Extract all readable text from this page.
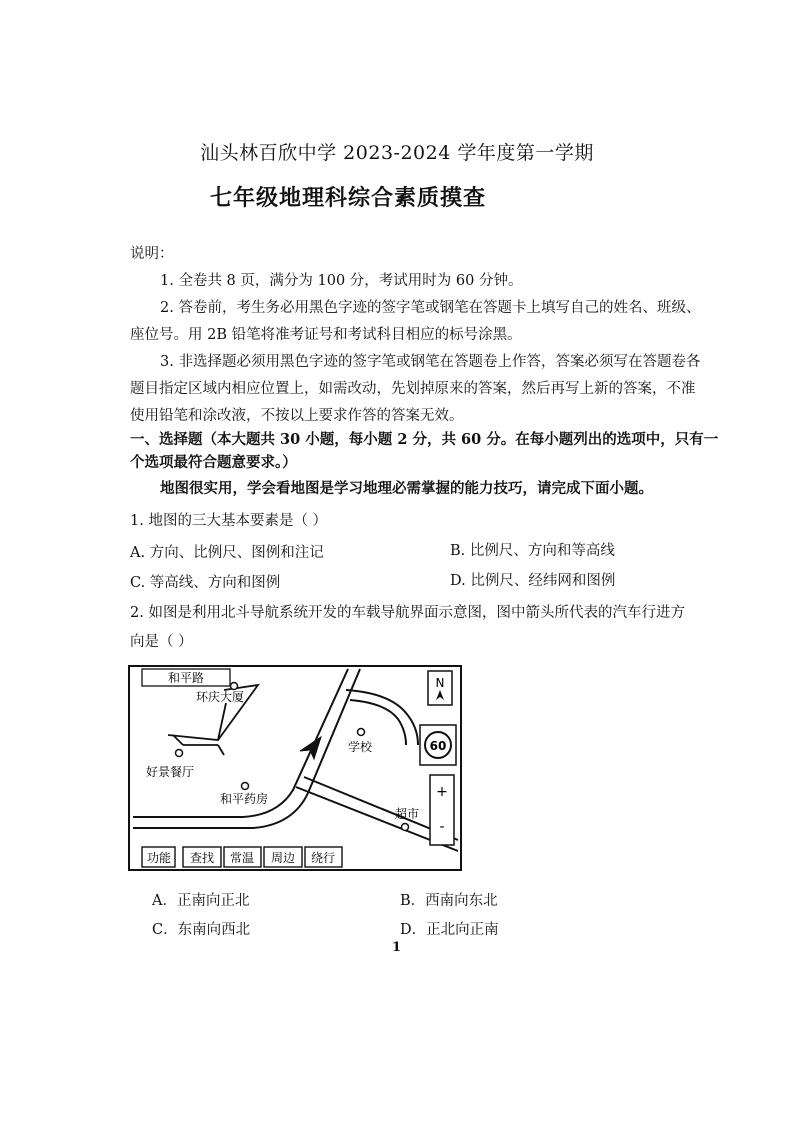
汕头林百欣中学 2023-2024 学年度第一学期
七年级地理科综合素质摸查
说明：
1. 全卷共 8 页，满分为 100 分，考试用时为 60 分钟。
2. 答卷前，考生务必用黑色字迹的签字笔或钢笔在答题卡上填写自己的姓名、班级、
座位号。用 2B 铅笔将准考证号和考试科目相应的标号涂黑。
3. 非选择题必须用黑色字迹的签字笔或钢笔在答题卷上作答，答案必须写在答题卷各
题目指定区域内相应位置上，如需改动，先划掉原来的答案，然后再写上新的答案，不准
使用铅笔和涂改液，不按以上要求作答的答案无效。
一、选择题（本大题共 30 小题，每小题 2 分，共 60 分。在每小题列出的选项中，只有一
个选项最符合题意要求。）
地图很实用，学会看地图是学习地理必需掌握的能力技巧，请完成下面小题。
1. 地图的三大基本要素是（ ）
A. 方向、比例尺、图例和注记	B. 比例尺、方向和等高线
C. 等高线、方向和图例	D. 比例尺、经纬网和图例
2. 如图是利用北斗导航系统开发的车载导航界面示意图，图中箭头所代表的汽车行进方
向是（ ）
和平路
环庆大厦
学校
好景餐厅
和平药房
超市
N
60
+
-
功能 查找 常温 周边 绕行
A．正南向正北	B．西南向东北
C．东南向西北	D．正北向正南
1
